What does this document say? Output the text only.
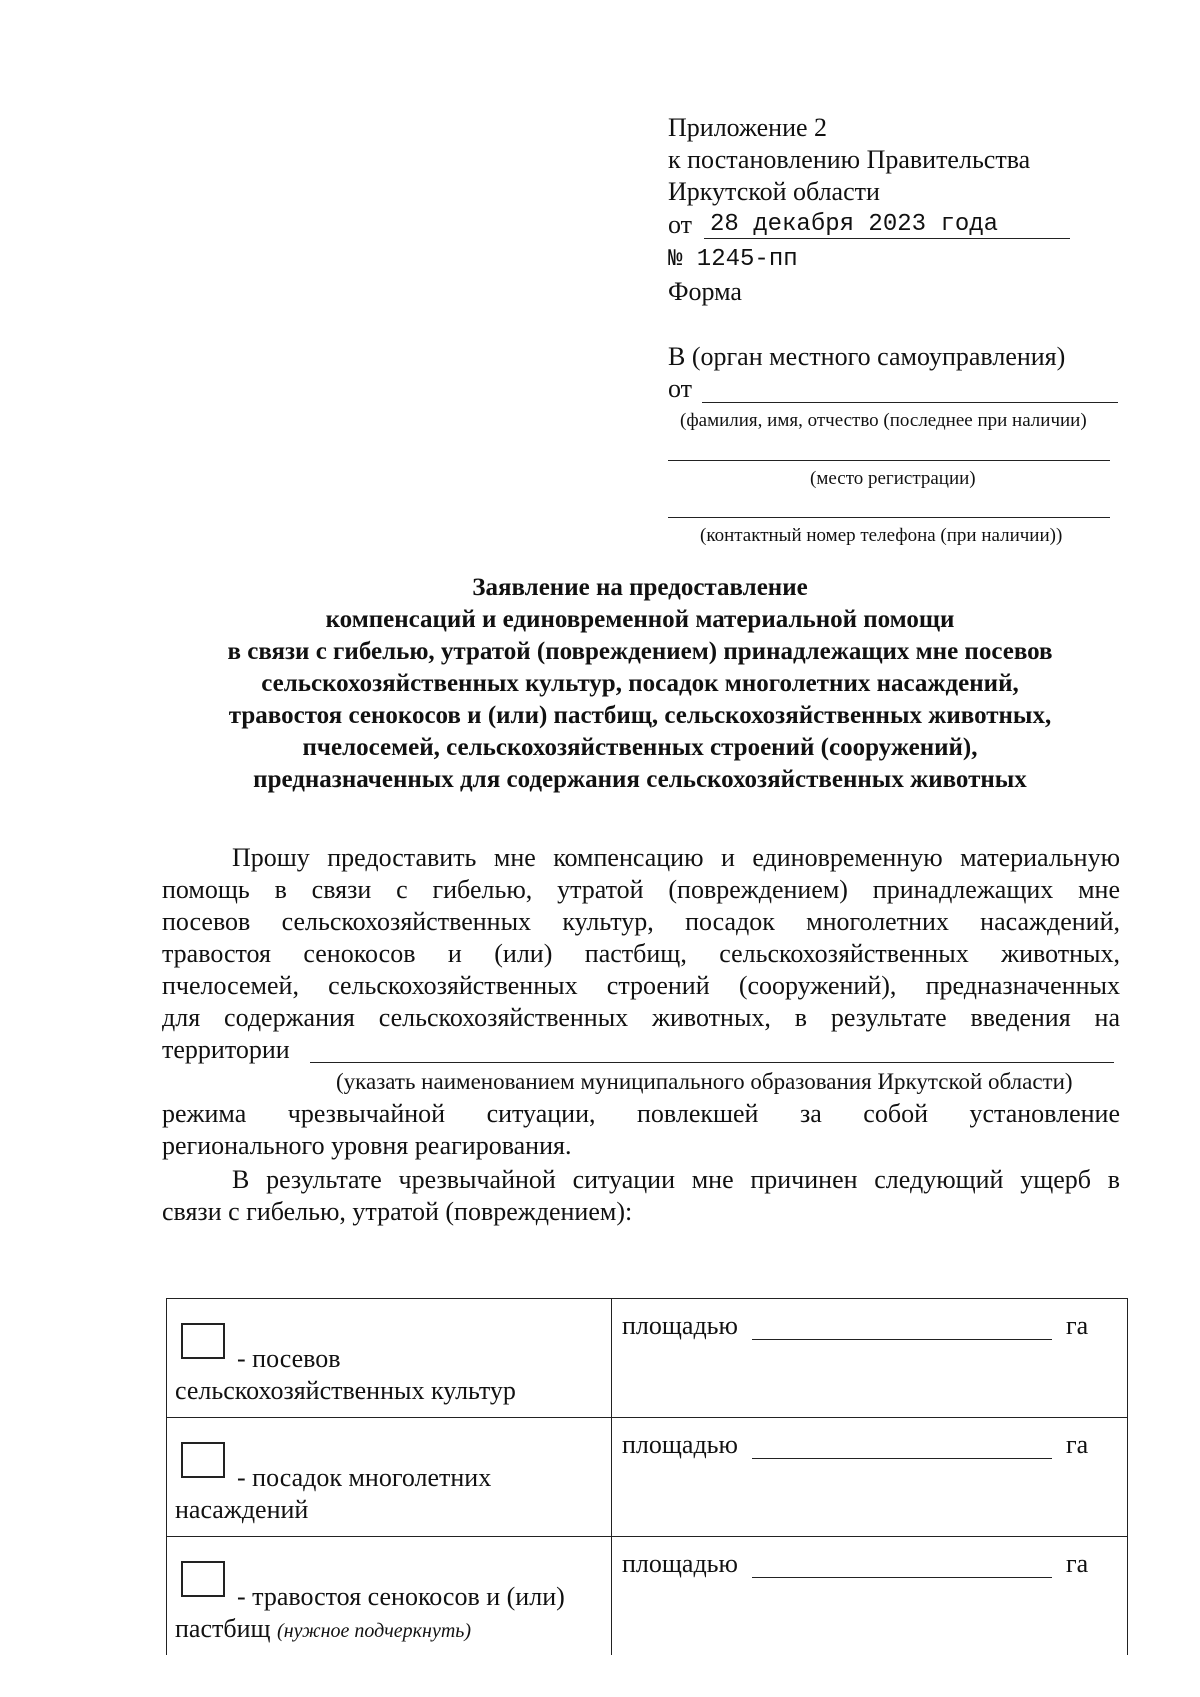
Приложение 2
к постановлению Правительства
Иркутской области
от 28 декабря 2023 года
№ 1245-пп
Форма
В (орган местного самоуправления)
от
(фамилия, имя, отчество (последнее при наличии)
(место регистрации)
(контактный номер телефона (при наличии))
Заявление на предоставление
компенсаций и единовременной материальной помощи
в связи с гибелью, утратой (повреждением) принадлежащих мне посевов
сельскохозяйственных культур, посадок многолетних насаждений,
травостоя сенокосов и (или) пастбищ, сельскохозяйственных животных,
пчелосемей, сельскохозяйственных строений (сооружений),
предназначенных для содержания сельскохозяйственных животных
Прошу предоставить мне компенсацию и единовременную материальную
помощь в связи с гибелью, утратой (повреждением) принадлежащих мне
посевов сельскохозяйственных культур, посадок многолетних насаждений,
травостоя сенокосов и (или) пастбищ, сельскохозяйственных животных,
пчелосемей, сельскохозяйственных строений (сооружений), предназначенных
для содержания сельскохозяйственных животных, в результате введения на
территории
(указать наименованием муниципального образования Иркутской области)
режима чрезвычайной ситуации, повлекшей за собой установление
регионального уровня реагирования.
В результате чрезвычайной ситуации мне причинен следующий ущерб в
связи с гибелью, утратой (повреждением):
- посевов
сельскохозяйственных культур	площадью га

- посадок многолетних
насаждений	площадью га

- травостоя сенокосов и (или)
пастбищ (нужное подчеркнуть)	площадью га
